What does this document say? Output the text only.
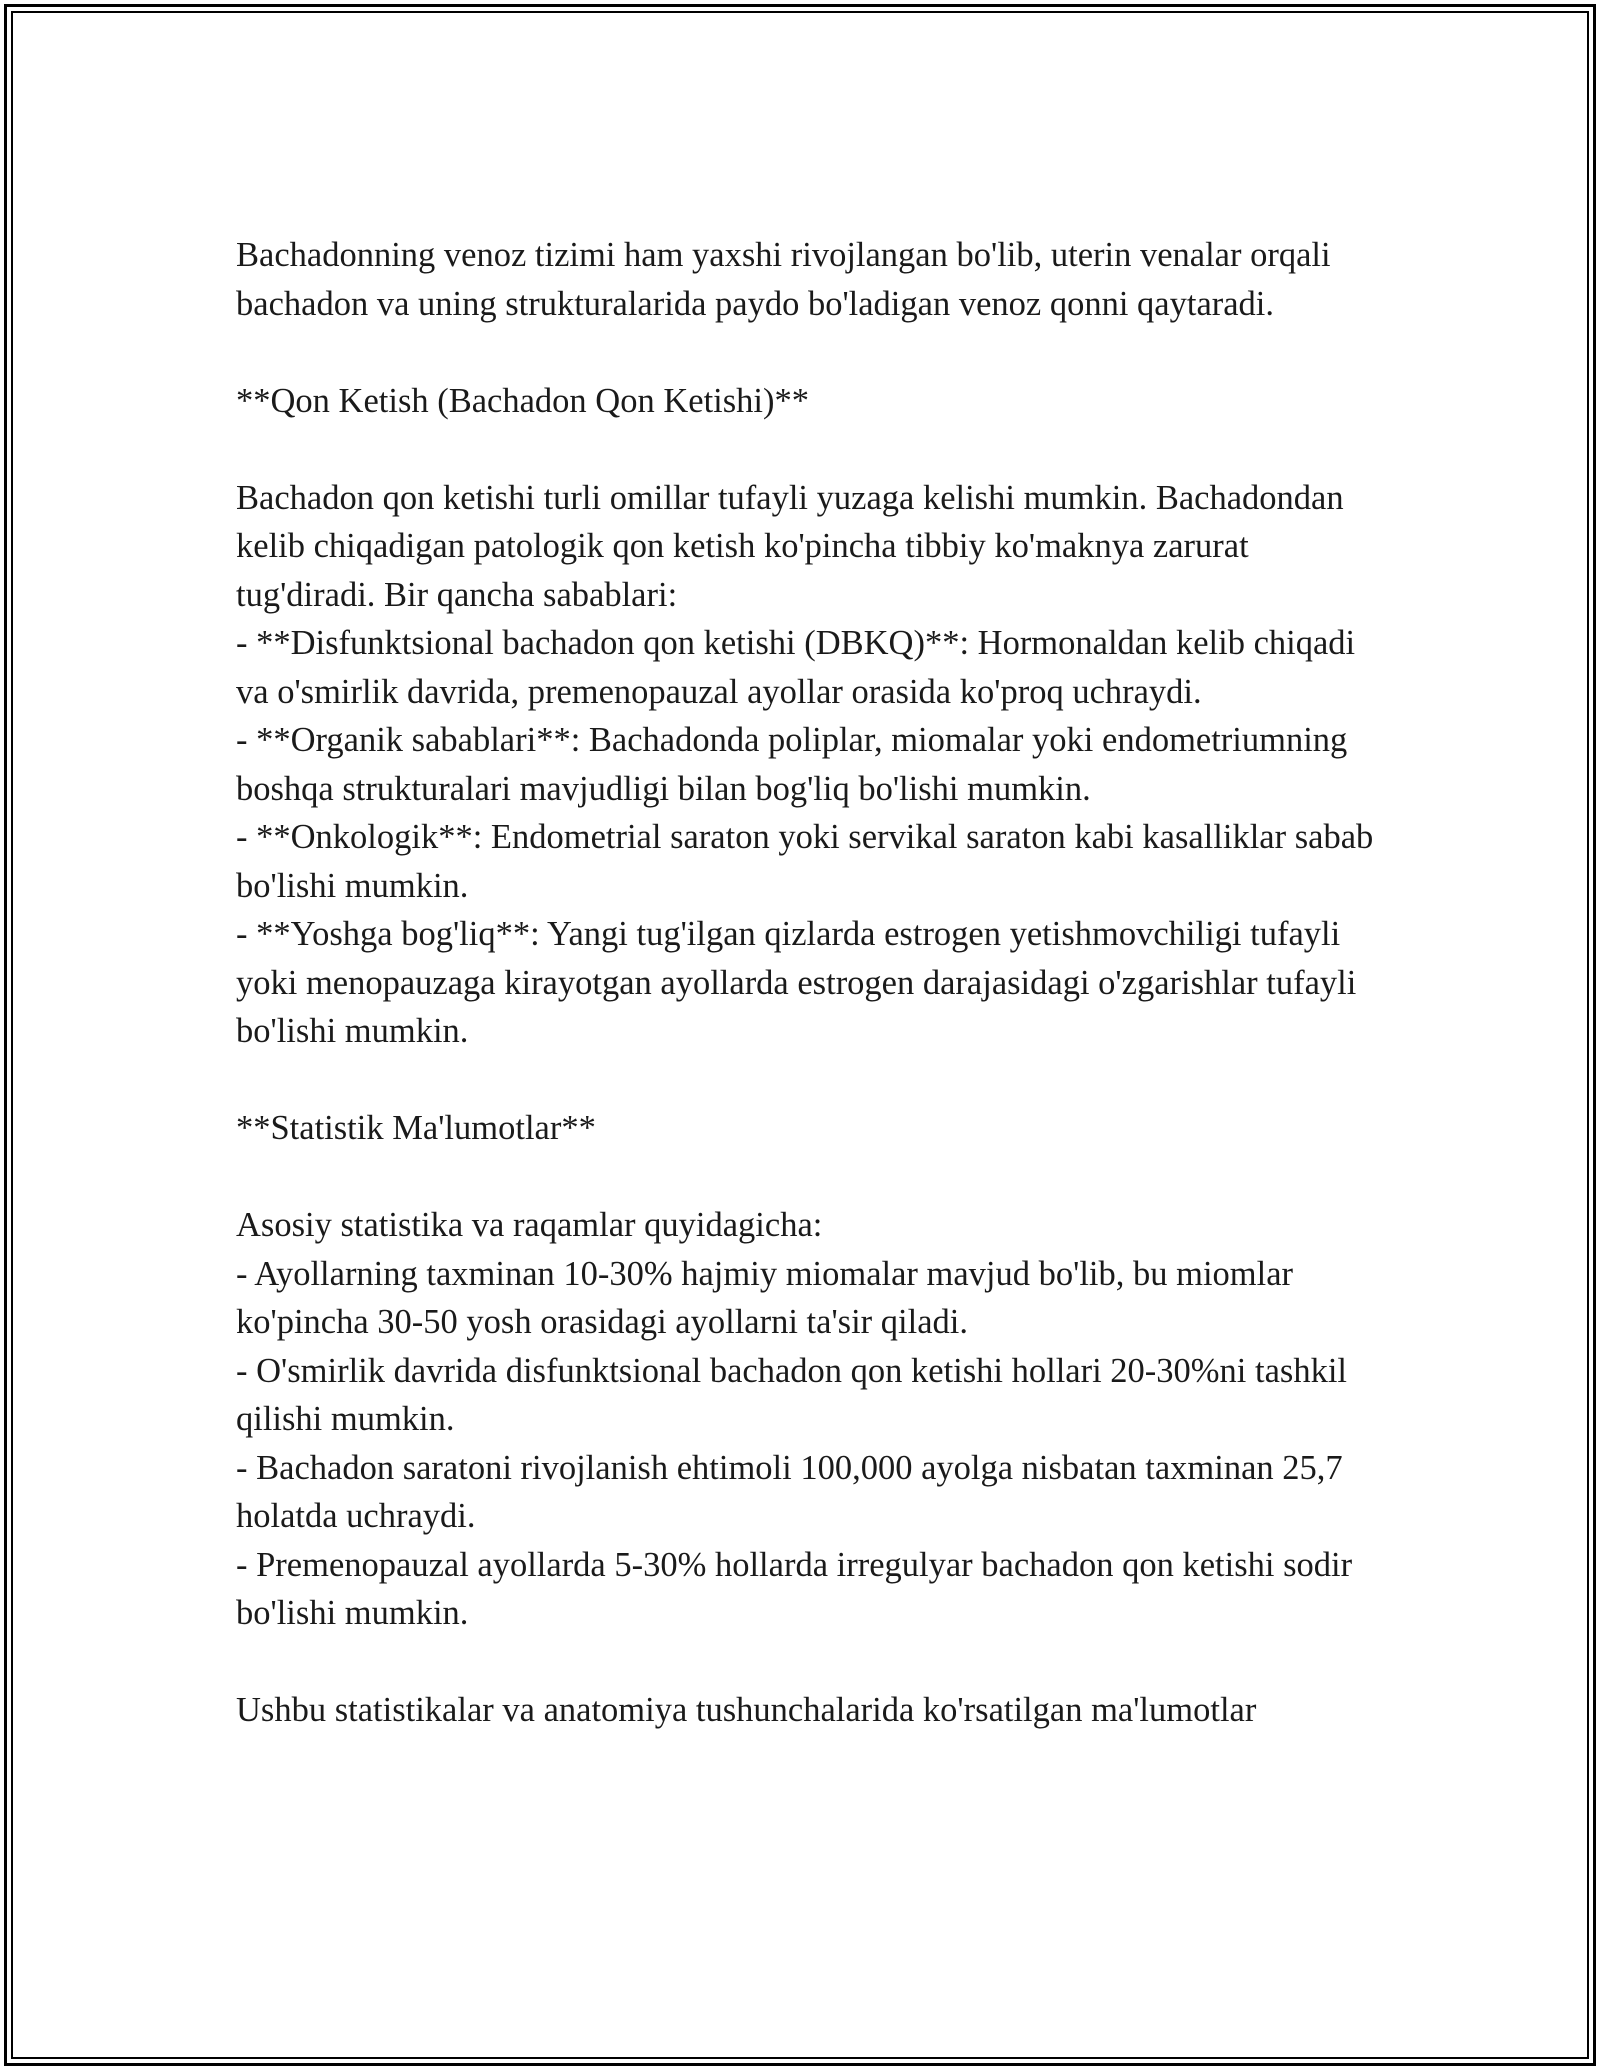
Bachadonning venoz tizimi ham yaxshi rivojlangan bo'lib, uterin venalar orqali bachadon va uning strukturalarida paydo bo'ladigan venoz qonni qaytaradi.

**Qon Ketish (Bachadon Qon Ketishi)**

Bachadon qon ketishi turli omillar tufayli yuzaga kelishi mumkin. Bachadondan kelib chiqadigan patologik qon ketish ko'pincha tibbiy ko'maknya zarurat tug'diradi. Bir qancha sabablari:
- **Disfunktsional bachadon qon ketishi (DBKQ)**: Hormonaldan kelib chiqadi va o'smirlik davrida, premenopauzal ayollar orasida ko'proq uchraydi.
- **Organik sabablari**: Bachadonda poliplar, miomalar yoki endometriumning boshqa strukturalari mavjudligi bilan bog'liq bo'lishi mumkin.
- **Onkologik**: Endometrial saraton yoki servikal saraton kabi kasalliklar sabab bo'lishi mumkin.
- **Yoshga bog'liq**: Yangi tug'ilgan qizlarda estrogen yetishmovchiligi tufayli yoki menopauzaga kirayotgan ayollarda estrogen darajasidagi o'zgarishlar tufayli bo'lishi mumkin.

**Statistik Ma'lumotlar**

Asosiy statistika va raqamlar quyidagicha:
- Ayollarning taxminan 10-30% hajmiy miomalar mavjud bo'lib, bu miomlar ko'pincha 30-50 yosh orasidagi ayollarni ta'sir qiladi.
- O'smirlik davrida disfunktsional bachadon qon ketishi hollari 20-30%ni tashkil qilishi mumkin.
- Bachadon saratoni rivojlanish ehtimoli 100,000 ayolga nisbatan taxminan 25,7 holatda uchraydi.
- Premenopauzal ayollarda 5-30% hollarda irregulyar bachadon qon ketishi sodir bo'lishi mumkin.

Ushbu statistikalar va anatomiya tushunchalarida ko'rsatilgan ma'lumotlar
